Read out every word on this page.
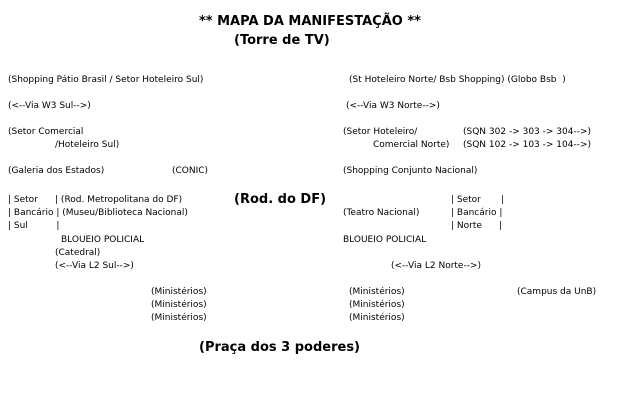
** MAPA DA MANIFESTAÇÃO **
(Torre de TV)
(Shopping Pátio Brasil / Setor Hoteleiro Sul)
(<--Via W3 Sul-->)
(Setor Comercial
/Hoteleiro Sul)
(Galeria dos Estados)	(CONIC)
| Setor      | (Rod. Metropolitana do DF)
| Bancário | (Museu/Biblioteca Nacional)
| Sul          |
BLOUEIO POLICIAL
(Catedral)
(<--Via L2 Sul-->)
(Ministérios)
(Ministérios)
(Ministérios)
(Rod. do DF)
(St Hoteleiro Norte/ Bsb Shopping) (Globo Bsb  )
(<--Via W3 Norte-->)
(Setor Hoteleiro/
Comercial Norte)
(SQN 302 -> 303 -> 304-->)
(SQN 102 -> 103 -> 104-->)
(Shopping Conjunto Nacional)
| Setor       |
(Teatro Nacional)	| Bancário |
| Norte      |
BLOUEIO POLICIAL
(<--Via L2 Norte-->)
(Ministérios)
(Ministérios)
(Ministérios)
(Campus da UnB)
(Praça dos 3 poderes)
